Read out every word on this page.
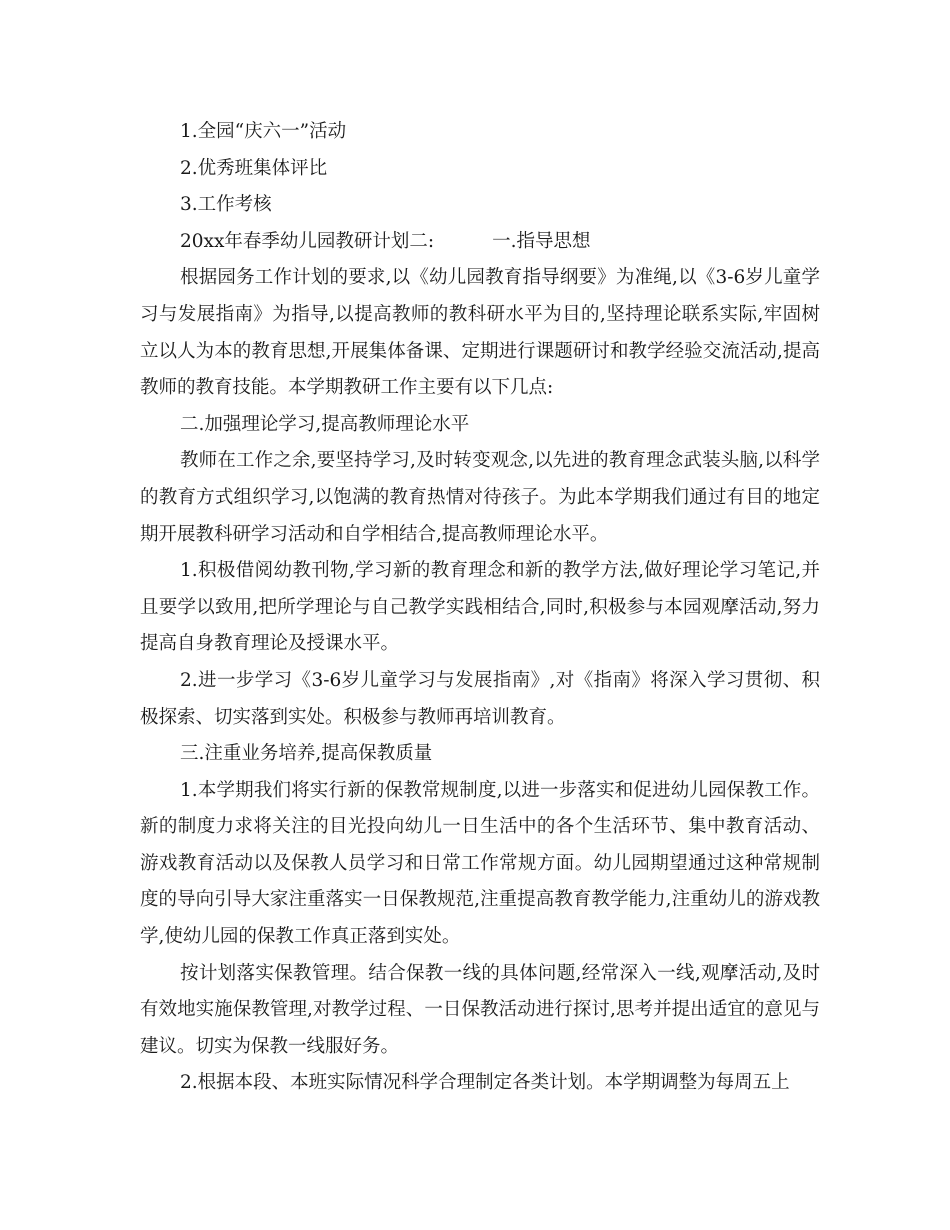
1.全园“庆六一”活动

2.优秀班集体评比

3.工作考核

20xx年春季幼儿园教研计划二:	一.指导思想

根据园务工作计划的要求,以《幼儿园教育指导纲要》为准绳,以《3-6岁儿童学习与发展指南》为指导,以提高教师的教科研水平为目的,坚持理论联系实际,牢固树立以人为本的教育思想,开展集体备课、定期进行课题研讨和教学经验交流活动,提高教师的教育技能。本学期教研工作主要有以下几点:

二.加强理论学习,提高教师理论水平

教师在工作之余,要坚持学习,及时转变观念,以先进的教育理念武装头脑,以科学的教育方式组织学习,以饱满的教育热情对待孩子。为此本学期我们通过有目的地定期开展教科研学习活动和自学相结合,提高教师理论水平。

1.积极借阅幼教刊物,学习新的教育理念和新的教学方法,做好理论学习笔记,并且要学以致用,把所学理论与自己教学实践相结合,同时,积极参与本园观摩活动,努力提高自身教育理论及授课水平。

2.进一步学习《3-6岁儿童学习与发展指南》,对《指南》将深入学习贯彻、积极探索、切实落到实处。积极参与教师再培训教育。

三.注重业务培养,提高保教质量

1.本学期我们将实行新的保教常规制度,以进一步落实和促进幼儿园保教工作。新的制度力求将关注的目光投向幼儿一日生活中的各个生活环节、集中教育活动、游戏教育活动以及保教人员学习和日常工作常规方面。幼儿园期望通过这种常规制度的导向引导大家注重落实一日保教规范,注重提高教育教学能力,注重幼儿的游戏教学,使幼儿园的保教工作真正落到实处。

按计划落实保教管理。结合保教一线的具体问题,经常深入一线,观摩活动,及时有效地实施保教管理,对教学过程、一日保教活动进行探讨,思考并提出适宜的意见与建议。切实为保教一线服好务。

2.根据本段、本班实际情况科学合理制定各类计划。本学期调整为每周五上
